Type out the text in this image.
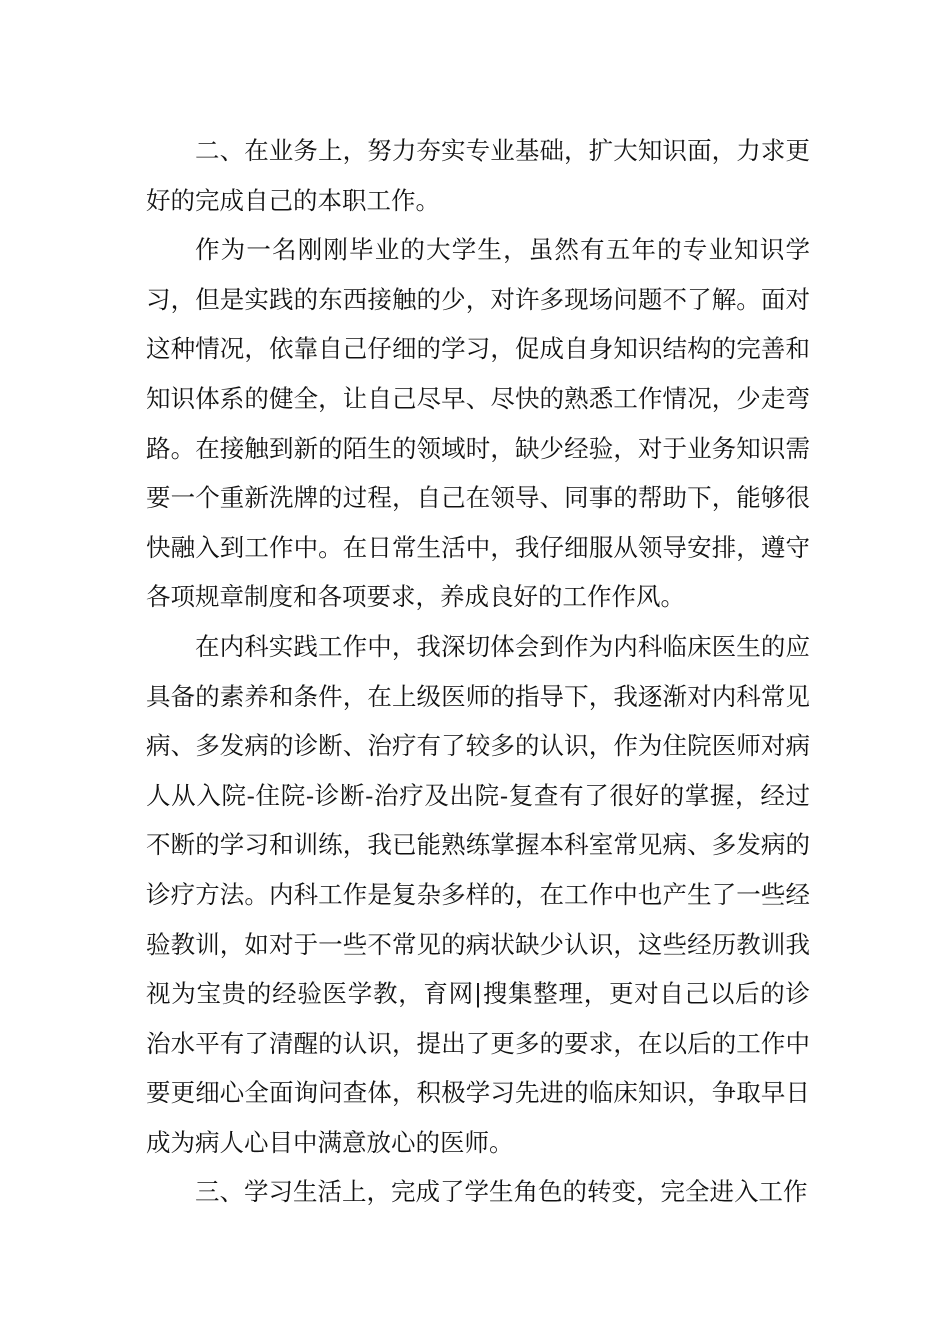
二、在业务上，努力夯实专业基础，扩大知识面，力求更好的完成自己的本职工作。

作为一名刚刚毕业的大学生，虽然有五年的专业知识学习，但是实践的东西接触的少，对许多现场问题不了解。面对这种情况，依靠自己仔细的学习，促成自身知识结构的完善和知识体系的健全，让自己尽早、尽快的熟悉工作情况，少走弯路。在接触到新的陌生的领域时，缺少经验，对于业务知识需要一个重新洗牌的过程，自己在领导、同事的帮助下，能够很快融入到工作中。在日常生活中，我仔细服从领导安排，遵守各项规章制度和各项要求，养成良好的工作作风。

在内科实践工作中，我深切体会到作为内科临床医生的应具备的素养和条件，在上级医师的指导下，我逐渐对内科常见病、多发病的诊断、治疗有了较多的认识，作为住院医师对病人从入院-住院-诊断-治疗及出院-复查有了很好的掌握，经过不断的学习和训练，我已能熟练掌握本科室常见病、多发病的诊疗方法。内科工作是复杂多样的，在工作中也产生了一些经验教训，如对于一些不常见的病状缺少认识，这些经历教训我视为宝贵的经验医学教，育网|搜集整理，更对自己以后的诊治水平有了清醒的认识，提出了更多的要求，在以后的工作中要更细心全面询问查体，积极学习先进的临床知识，争取早日成为病人心目中满意放心的医师。

三、学习生活上，完成了学生角色的转变，完全进入工作
